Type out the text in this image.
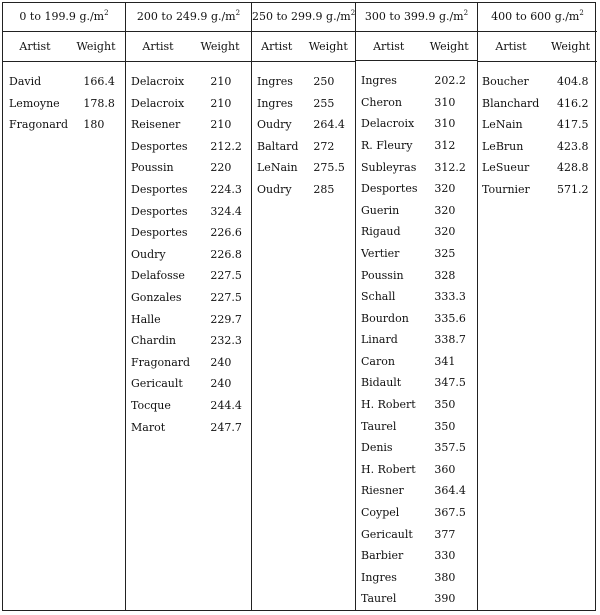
0 to 199.9 $g./m^2$
Artist	Weight
David	166.4
Lemoyne	178.8
Fragonard	180
200 to 249.9 $g./m^2$
Artist	Weight
Delacroix	210
Delacroix	210
Reisener	210
Desportes	212.2
Poussin	220
Desportes	224.3
Desportes	324.4
Desportes	226.6
Oudry	226.8
Delafosse	227.5
Gonzales	227.5
Halle	229.7
Chardin	232.3
Fragonard	240
Gericault	240
Tocque	244.4
Marot	247.7
250 to 299.9 $g./m^2$
Artist	Weight
Ingres	250
Ingres	255
Oudry	264.4
Baltard	272
LeNain	275.5
Oudry	285
300 to 399.9 $g./m^2$
Artist	Weight
Ingres	202.2
Cheron	310
Delacroix	310
R. Fleury	312
Subleyras	312.2
Desportes	320
Guerin	320
Rigaud	320
Vertier	325
Poussin	328
Schall	333.3
Bourdon	335.6
Linard	338.7
Caron	341
Bidault	347.5
H. Robert	350
Taurel	350
Denis	357.5
H. Robert	360
Riesner	364.4
Coypel	367.5
Gericault	377
Barbier	330
Ingres	380
Taurel	390
400 to 600 $g./m^2$
Artist	Weight
Boucher	404.8
Blanchard	416.2
LeNain	417.5
LeBrun	423.8
LeSueur	428.8
Tournier	571.2
